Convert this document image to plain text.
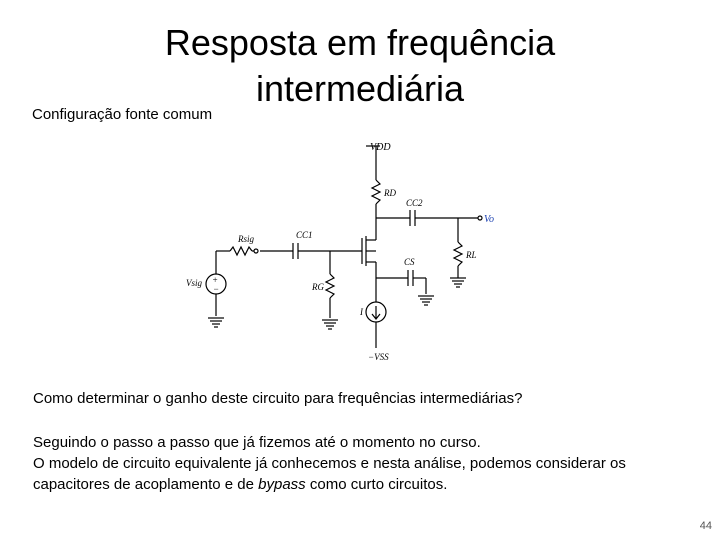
Resposta em frequência
intermediária
Configuração fonte comum
VDD
RD
CC2
Vo
RL
CC1
Rsig
+
−
Vsig	RG
CS
I
−VSS
Como determinar o ganho deste circuito para frequências intermediárias?
Seguindo o passo a passo que já fizemos até o momento no curso.
O modelo de circuito equivalente já conhecemos e nesta análise, podemos considerar os
capacitores de acoplamento e de bypass como curto circuitos.
44
